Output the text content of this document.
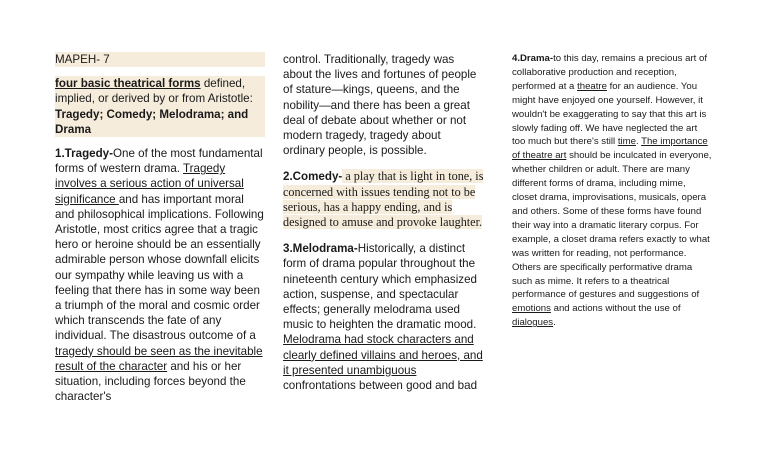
MAPEH- 7

four basic theatrical forms defined, implied, or derived by or from Aristotle: Tragedy; Comedy; Melodrama; and Drama

1.Tragedy-One of the most fundamental forms of western drama. Tragedy involves a serious action of universal significance and has important moral and philosophical implications. Following Aristotle, most critics agree that a tragic hero or heroine should be an essentially admirable person whose downfall elicits our sympathy while leaving us with a feeling that there has in some way been a triumph of the moral and cosmic order which transcends the fate of any individual. The disastrous outcome of a tragedy should be seen as the inevitable result of the character and his or her situation, including forces beyond the character's

control. Traditionally, tragedy was about the lives and fortunes of people of stature—kings, queens, and the nobility—and there has been a great deal of debate about whether or not modern tragedy, tragedy about ordinary people, is possible.

2.Comedy- a play that is light in tone, is concerned with issues tending not to be serious, has a happy ending, and is designed to amuse and provoke laughter.

3.Melodrama-Historically, a distinct form of drama popular throughout the nineteenth century which emphasized action, suspense, and spectacular effects; generally melodrama used music to heighten the dramatic mood. Melodrama had stock characters and clearly defined villains and heroes, and it presented unambiguous confrontations between good and bad

4.Drama-to this day, remains a precious art of collaborative production and reception, performed at a theatre for an audience. You might have enjoyed one yourself. However, it wouldn't be exaggerating to say that this art is slowly fading off. We have neglected the art too much but there's still time. The importance of theatre art should be inculcated in everyone, whether children or adult. There are many different forms of drama, including mime, closet drama, improvisations, musicals, opera and others. Some of these forms have found their way into a dramatic literary corpus. For example, a closet drama refers exactly to what was written for reading, not performance. Others are specifically performative drama such as mime. It refers to a theatrical performance of gestures and suggestions of emotions and actions without the use of dialogues.
